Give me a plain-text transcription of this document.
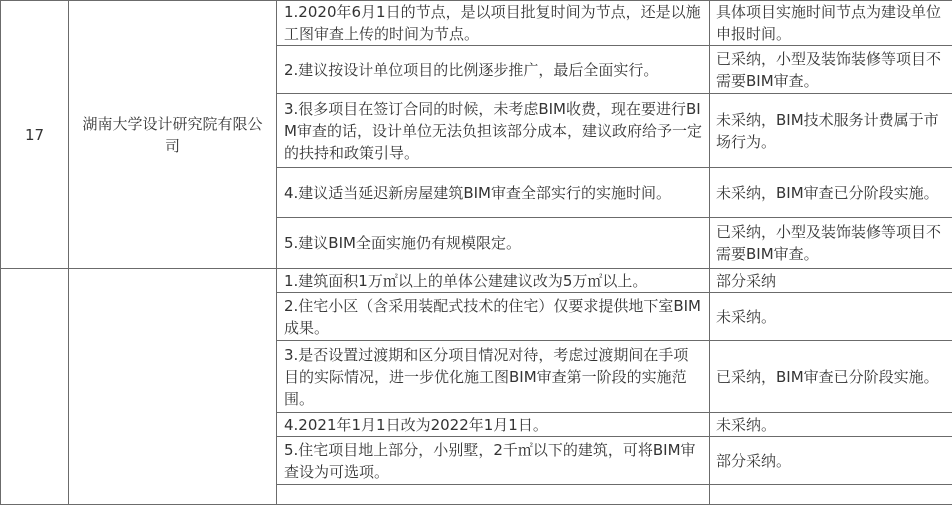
17	湖南大学设计研究院有限公司	1.2020年6月1日的节点，是以项目批复时间为节点，还是以施工图审查上传的时间为节点。	具体项目实施时间节点为建设单位申报时间。
		2.建议按设计单位项目的比例逐步推广，最后全面实行。	已采纳，小型及装饰装修等项目不需要BIM审查。
		3.很多项目在签订合同的时候，未考虑BIM收费，现在要进行BIM审查的话，设计单位无法负担该部分成本，建议政府给予一定的扶持和政策引导。	未采纳，BIM技术服务计费属于市场行为。
		4.建议适当延迟新房屋建筑BIM审查全部实行的实施时间。	未采纳，BIM审查已分阶段实施。
		5.建议BIM全面实施仍有规模限定。	已采纳，小型及装饰装修等项目不需要BIM审查。
		1.建筑面积1万㎡以上的单体公建建议改为5万㎡以上。	部分采纳
		2.住宅小区（含采用装配式技术的住宅）仅要求提供地下室BIM成果。	未采纳。
		3.是否设置过渡期和区分项目情况对待，考虑过渡期间在手项目的实际情况，进一步优化施工图BIM审查第一阶段的实施范围。	已采纳，BIM审查已分阶段实施。
		4.2021年1月1日改为2022年1月1日。	未采纳。
		5.住宅项目地上部分，小别墅，2千㎡以下的建筑，可将BIM审查设为可选项。	部分采纳。
